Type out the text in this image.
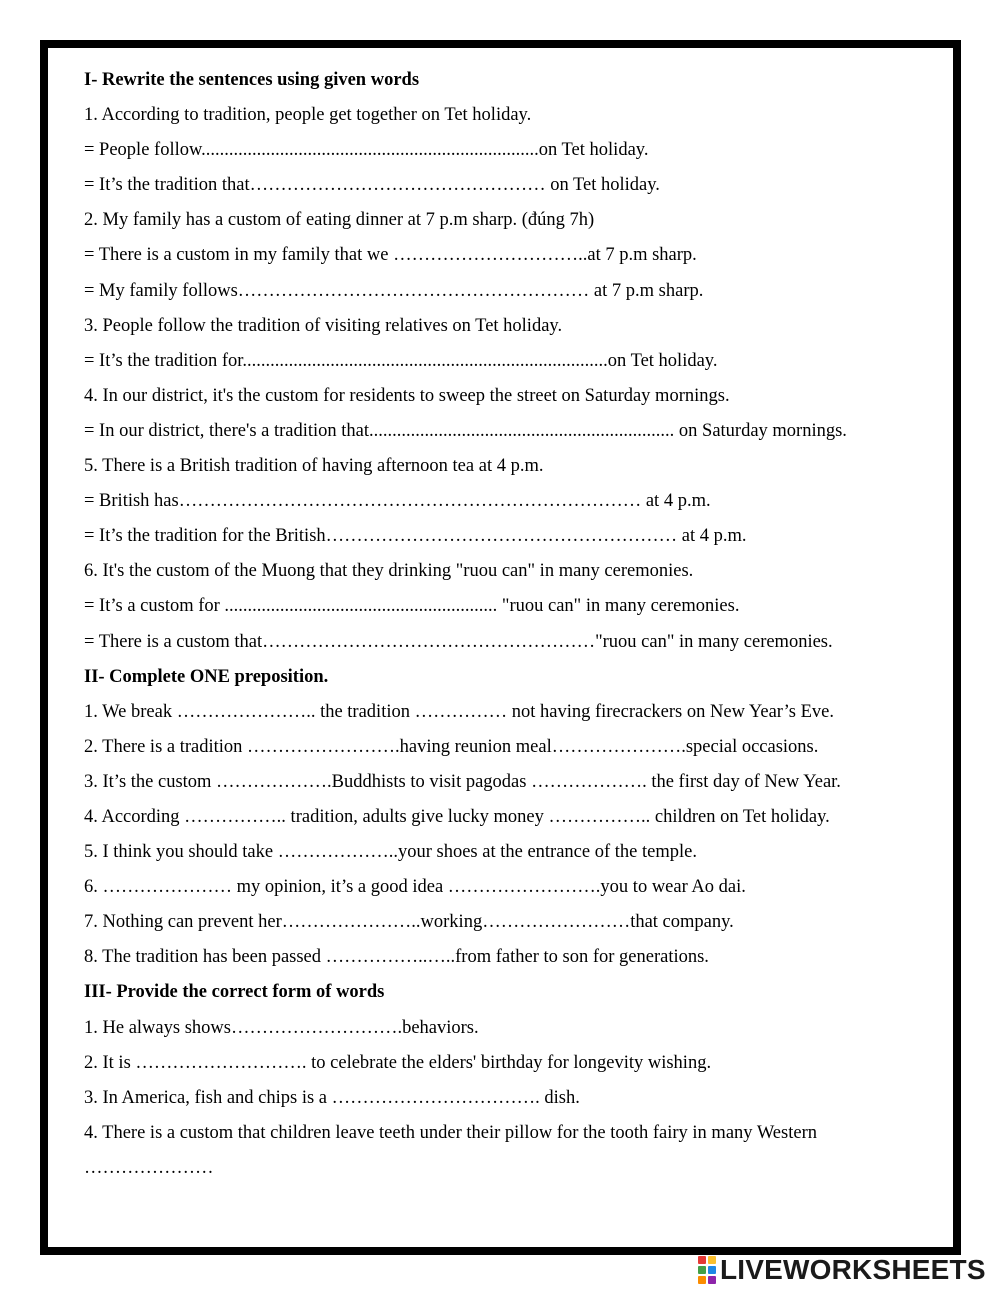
I- Rewrite the sentences using given words
1. According to tradition, people get together on Tet holiday.
= People follow.........................................................................on Tet holiday.
= It’s the tradition that………………………………………… on Tet holiday.
2. My family has a custom of eating dinner at 7 p.m sharp. (đúng 7h)
= There is a custom in my family that we …………………………..at 7 p.m sharp.
= My family follows………………………………………………… at 7 p.m sharp.
3. People follow the tradition of visiting relatives on Tet holiday.
= It’s the tradition for...............................................................................on Tet holiday.
4. In our district, it's the custom for residents to sweep the street on Saturday mornings.
= In our district, there's a tradition that.................................................................. on Saturday mornings.
5. There is a British tradition of having afternoon tea at 4 p.m.
= British has………………………………………………………………… at 4 p.m.
= It’s the tradition for the British………………………………………………… at 4 p.m.
6. It's the custom of the Muong that they drinking "ruou can" in many ceremonies.
= It’s a custom for ........................................................... "ruou can" in many ceremonies.
= There is a custom that………………………………………………"ruou can" in many ceremonies.
II- Complete ONE preposition.
1. We break ………………….. the tradition …………… not having firecrackers on New Year’s Eve.
2. There is a tradition …………………….having reunion meal………………….special occasions.
3. It’s the custom ……………….Buddhists to visit pagodas ………………. the first day of New Year.
4. According …………….. tradition, adults give lucky money …………….. children on Tet holiday.
5. I think you should take ………………..your shoes at the entrance of the temple.
6. ………………… my opinion, it’s a good idea …………………….you to wear Ao dai.
7. Nothing can prevent her…………………..working……………………that company.
8. The tradition has been passed ……………..…..from father to son for generations.
III- Provide the correct form of words
1. He always shows……………………….behaviors.
2. It is ………………………. to celebrate the elders' birthday for longevity wishing.
3. In America, fish and chips is a ……………………………. dish.
4. There is a custom that children leave teeth under their pillow for the tooth fairy in many Western
…………………
LIVEWORKSHEETS
